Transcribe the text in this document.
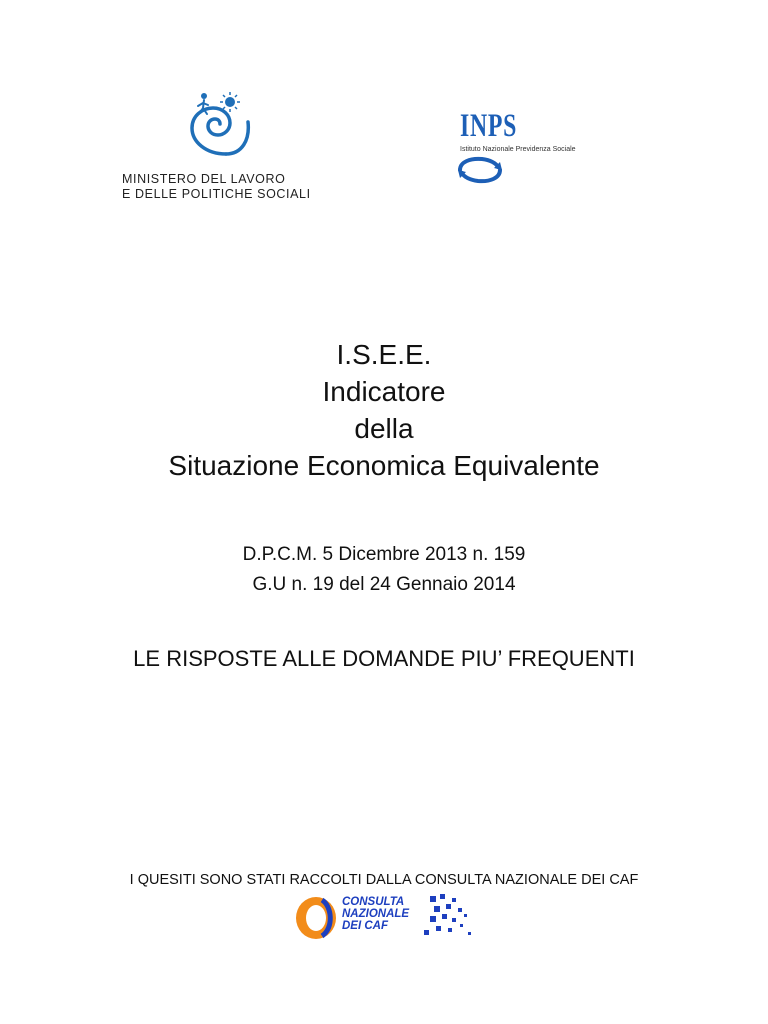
MINISTERO DEL LAVORO
E DELLE POLITICHE SOCIALI
INPS
Istituto Nazionale Previdenza Sociale
I.S.E.E.
Indicatore
della
Situazione Economica Equivalente
D.P.C.M. 5 Dicembre 2013 n. 159
G.U n. 19 del 24 Gennaio 2014
LE RISPOSTE ALLE DOMANDE PIU’ FREQUENTI
I QUESITI SONO STATI RACCOLTI DALLA CONSULTA NAZIONALE DEI CAF
CONSULTA
NAZIONALE
DEI CAF
